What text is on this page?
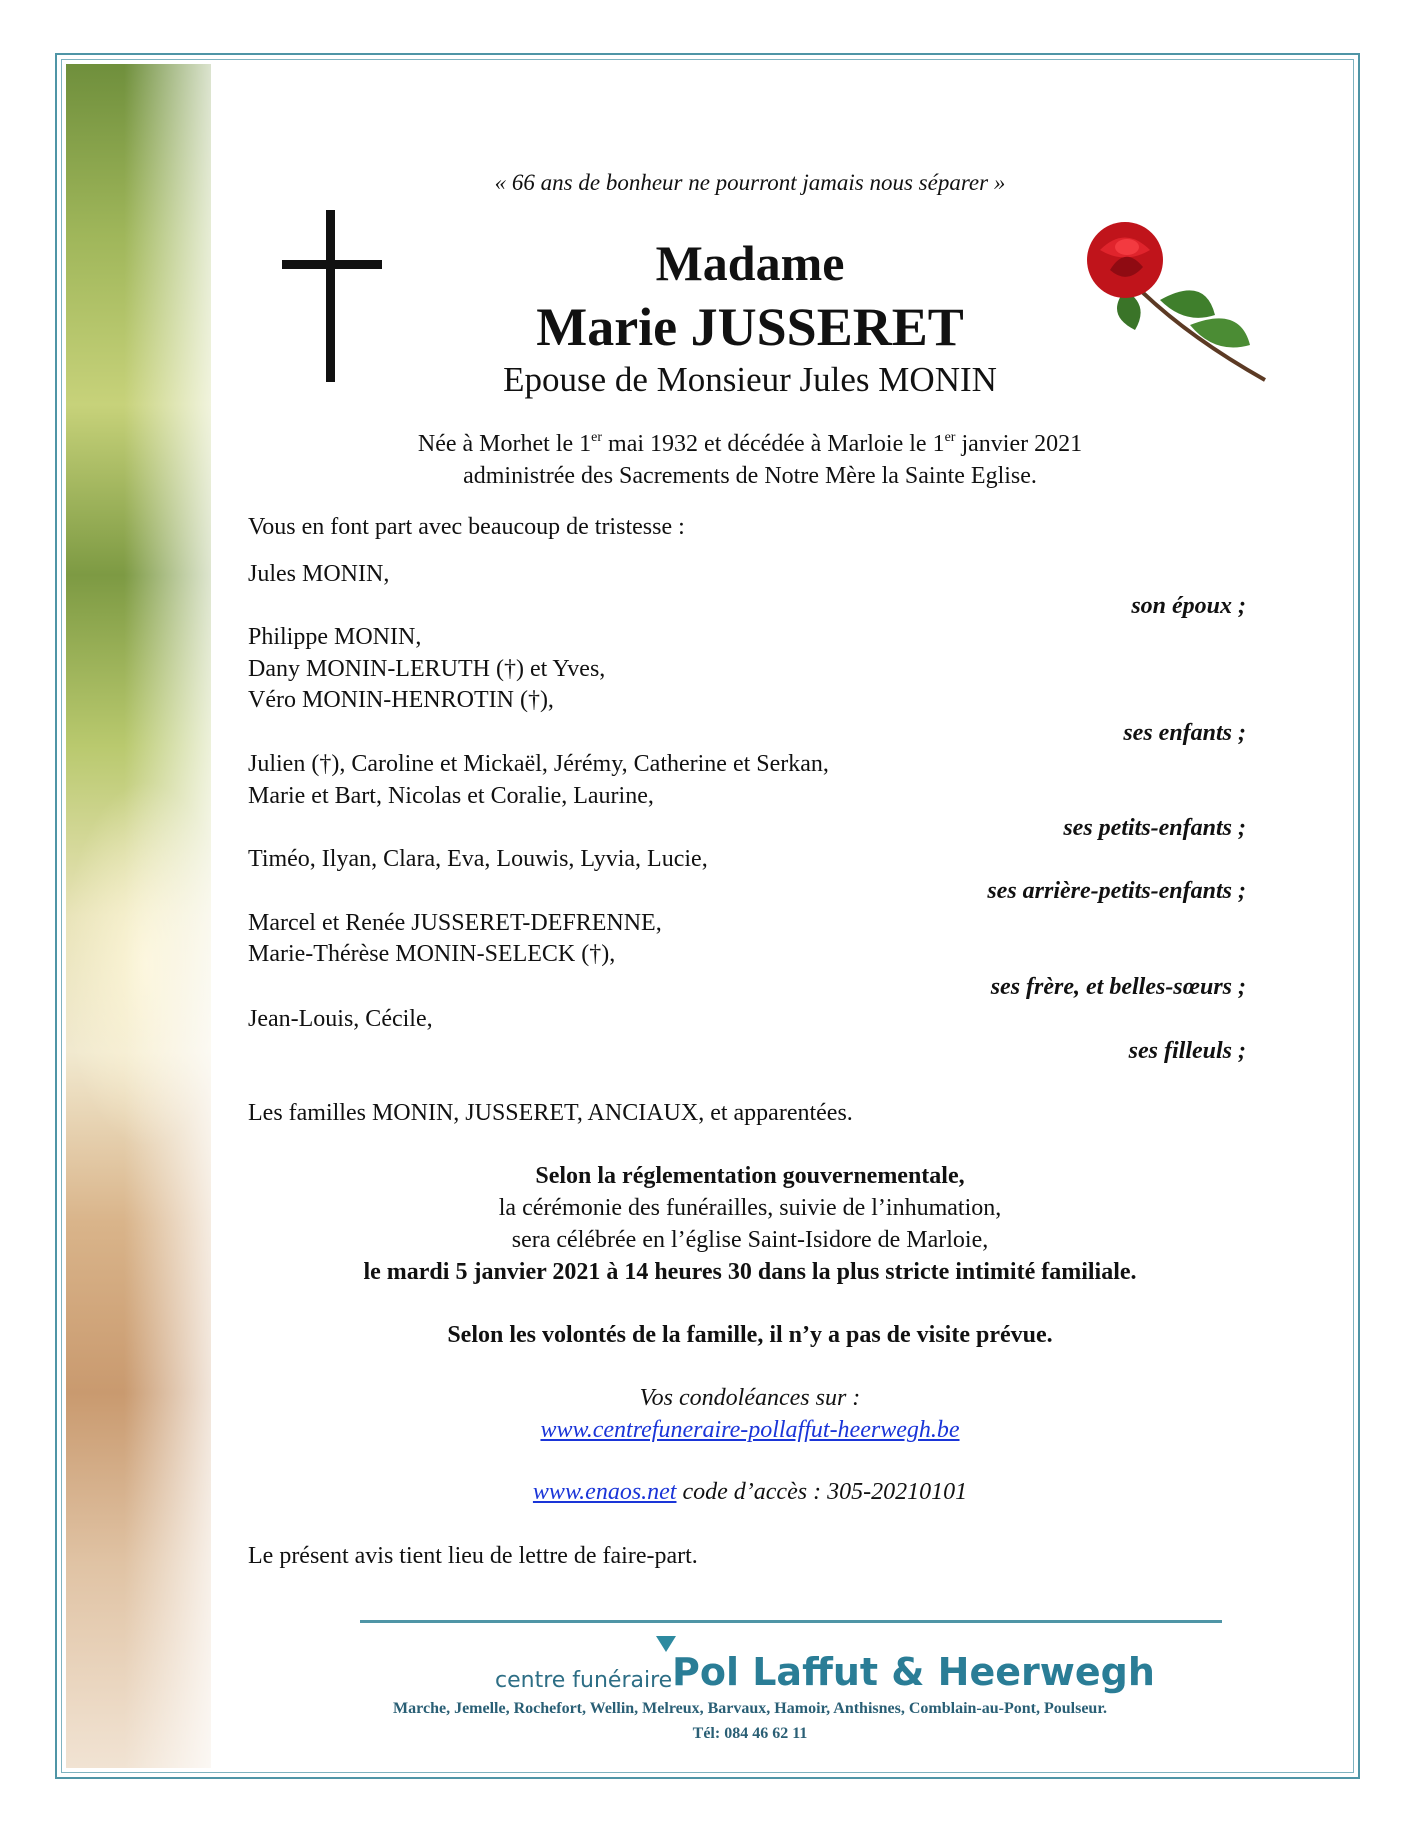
« 66 ans de bonheur ne pourront jamais nous séparer »
Madame
Marie JUSSERET
Epouse de Monsieur Jules MONIN
Née à Morhet le 1er mai 1932 et décédée à Marloie le 1er janvier 2021
administrée des Sacrements de Notre Mère la Sainte Eglise.
Vous en font part avec beaucoup de tristesse :
Jules MONIN,
son époux ;
Philippe MONIN,
Dany MONIN-LERUTH (†) et Yves,
Véro MONIN-HENROTIN (†),
ses enfants ;
Julien (†), Caroline et Mickaël, Jérémy, Catherine et Serkan,
Marie et Bart, Nicolas et Coralie, Laurine,
ses petits-enfants ;
Timéo, Ilyan, Clara, Eva, Louwis, Lyvia, Lucie,
ses arrière-petits-enfants ;
Marcel et Renée JUSSERET-DEFRENNE,
Marie-Thérèse MONIN-SELECK (†),
ses frère, et belles-sœurs ;
Jean-Louis, Cécile,
ses filleuls ;
Les familles MONIN, JUSSERET, ANCIAUX, et apparentées.
Selon la réglementation gouvernementale,
la cérémonie des funérailles, suivie de l’inhumation,
sera célébrée en l’église Saint-Isidore de Marloie,
le mardi 5 janvier 2021 à 14 heures 30 dans la plus stricte intimité familiale.
Selon les volontés de la famille, il n’y a pas de visite prévue.
Vos condoléances sur :
www.centrefuneraire-pollaffut-heerwegh.be
www.enaos.net code d’accès : 305-20210101
Le présent avis tient lieu de lettre de faire-part.
centre funéraire Pol Laffut & Heerwegh
Marche, Jemelle, Rochefort, Wellin, Melreux, Barvaux, Hamoir, Anthisnes, Comblain-au-Pont, Poulseur.
Tél: 084 46 62 11
